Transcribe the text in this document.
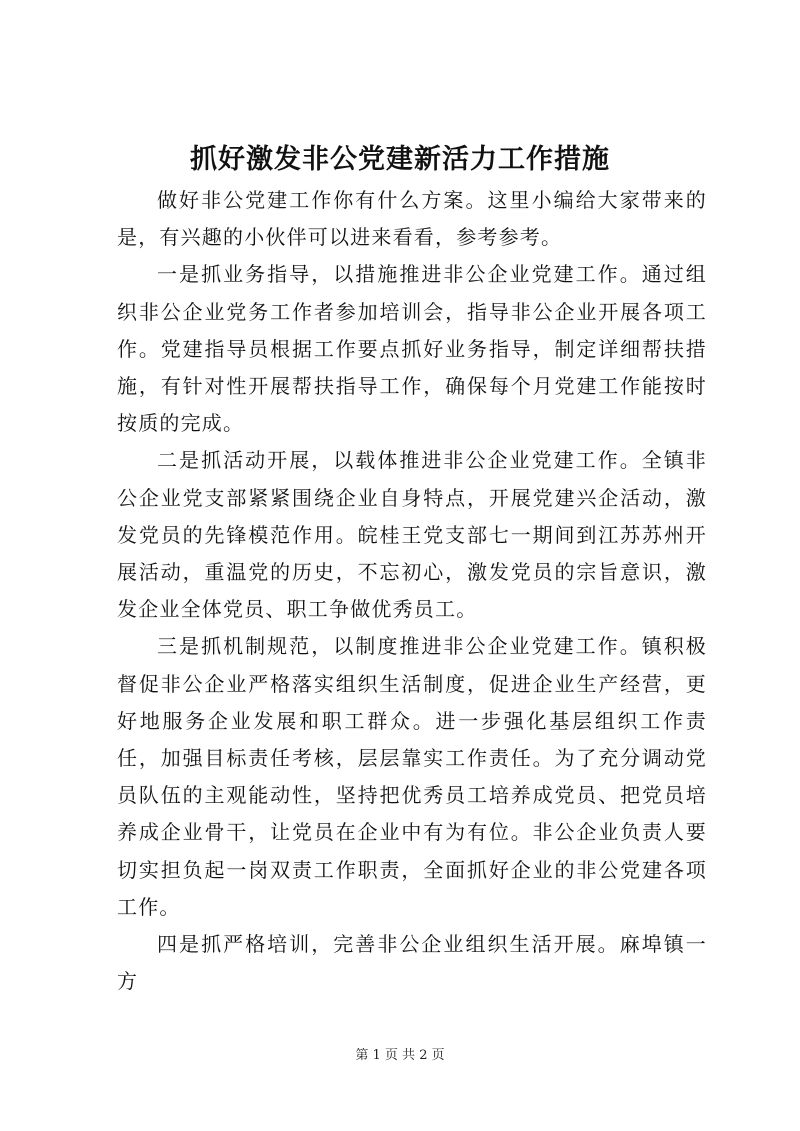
抓好激发非公党建新活力工作措施

做好非公党建工作你有什么方案。这里小编给大家带来的是，有兴趣的小伙伴可以进来看看，参考参考。

一是抓业务指导，以措施推进非公企业党建工作。通过组织非公企业党务工作者参加培训会，指导非公企业开展各项工作。党建指导员根据工作要点抓好业务指导，制定详细帮扶措施，有针对性开展帮扶指导工作，确保每个月党建工作能按时按质的完成。

二是抓活动开展，以载体推进非公企业党建工作。全镇非公企业党支部紧紧围绕企业自身特点，开展党建兴企活动，激发党员的先锋模范作用。皖桂王党支部七一期间到江苏苏州开展活动，重温党的历史，不忘初心，激发党员的宗旨意识，激发企业全体党员、职工争做优秀员工。

三是抓机制规范，以制度推进非公企业党建工作。镇积极督促非公企业严格落实组织生活制度，促进企业生产经营，更好地服务企业发展和职工群众。进一步强化基层组织工作责任，加强目标责任考核，层层靠实工作责任。为了充分调动党员队伍的主观能动性，坚持把优秀员工培养成党员、把党员培养成企业骨干，让党员在企业中有为有位。非公企业负责人要切实担负起一岗双责工作职责，全面抓好企业的非公党建各项工作。

四是抓严格培训，完善非公企业组织生活开展。麻埠镇一方

第 1 页 共 2 页
